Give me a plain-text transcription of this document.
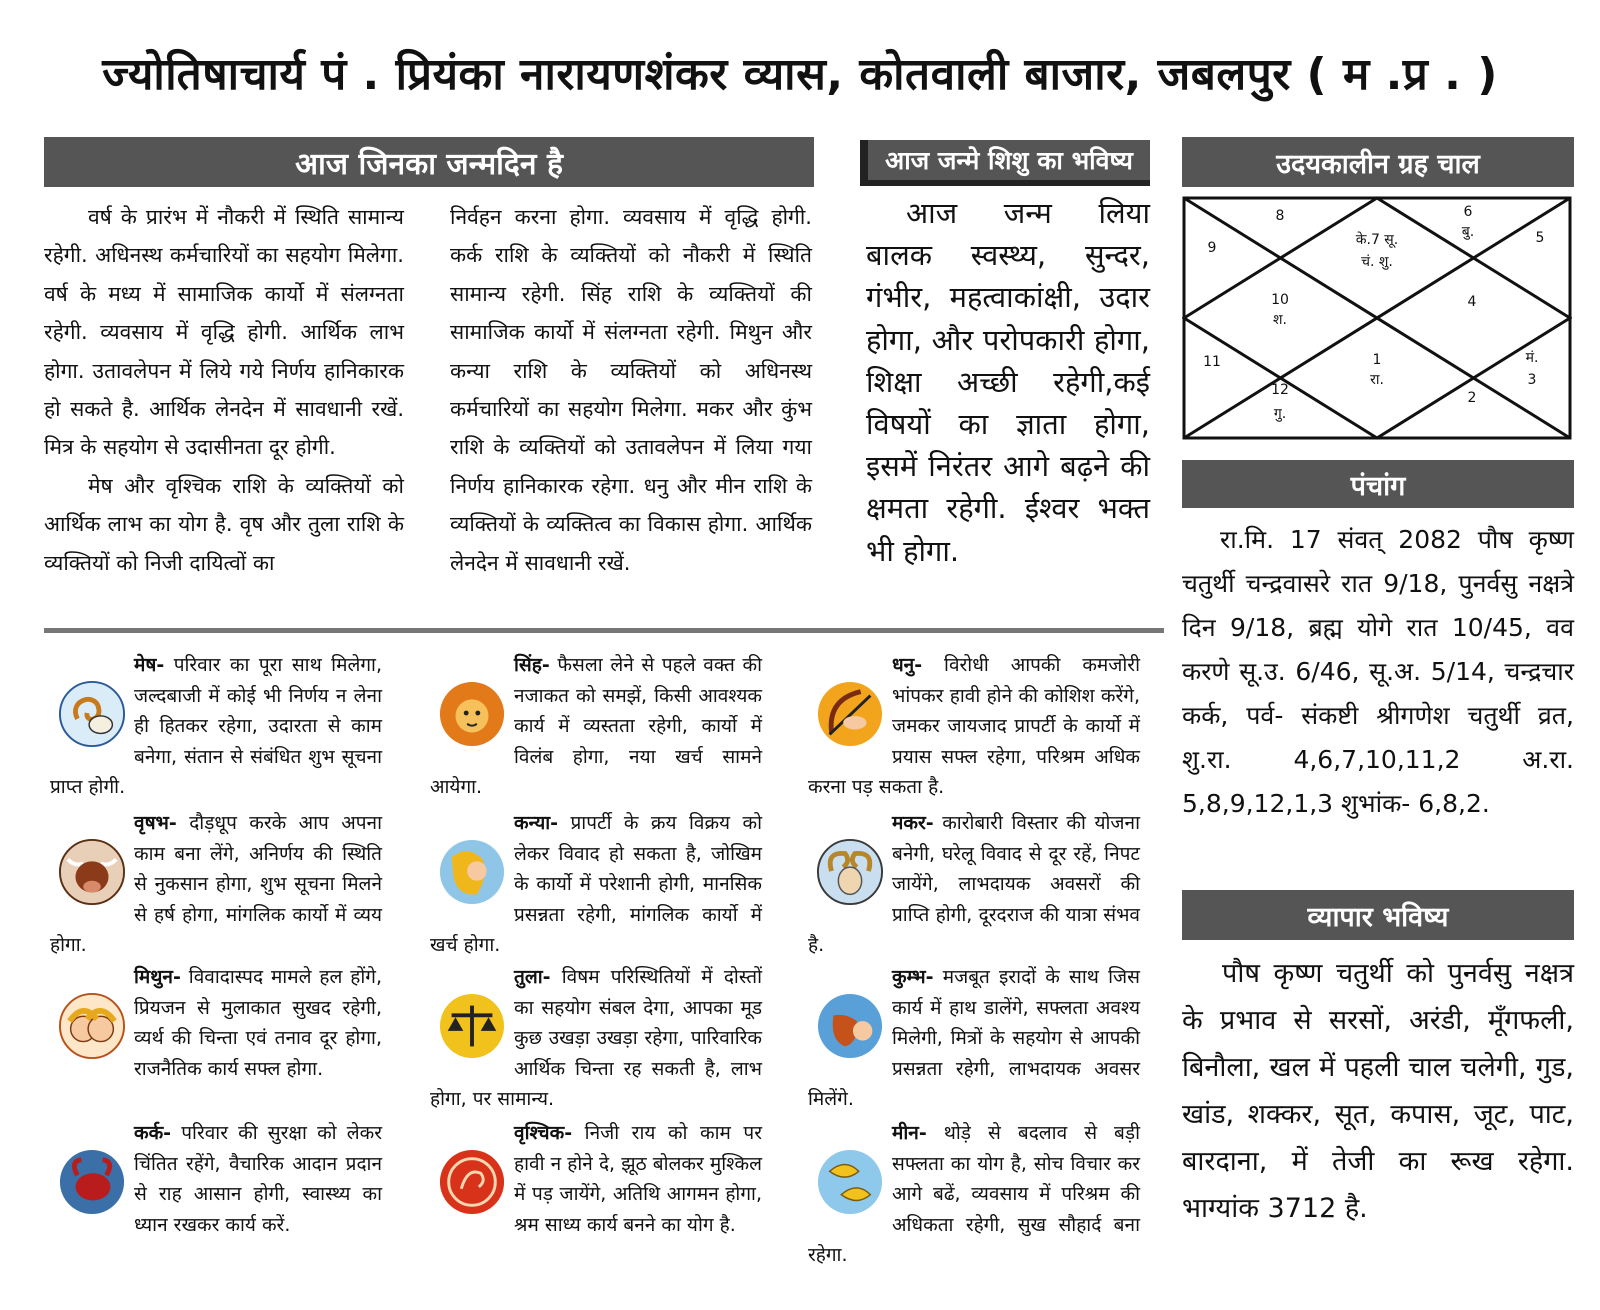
ज्योतिषाचार्य पं . प्रियंका नारायणशंकर व्यास, कोतवाली बाजार, जबलपुर ( म .प्र . )
आज जिनका जन्मदिन है

वर्ष के प्रारंभ में नौकरी में स्थिति सामान्य रहेगी. अधिनस्थ कर्मचारियों का सहयोग मिलेगा. वर्ष के मध्य में सामाजिक कार्यो में संलग्नता रहेगी. व्यवसाय में वृद्धि होगी. आर्थिक लाभ होगा. उतावलेपन में लिये गये निर्णय हानिकारक हो सकते है. आर्थिक लेनदेन में सावधानी रखें. मित्र के सहयोग से उदासीनता दूर होगी.

मेष और वृश्चिक राशि के व्यक्तियों को आर्थिक लाभ का योग है. वृष और तुला राशि के व्यक्तियों को निजी दायित्वों का

निर्वहन करना होगा. व्यवसाय में वृद्धि होगी. कर्क राशि के व्यक्तियों को नौकरी में स्थिति सामान्य रहेगी. सिंह राशि के व्यक्तियों की सामाजिक कार्यो में संलग्नता रहेगी. मिथुन और कन्या राशि के व्यक्तियों को अधिनस्थ कर्मचारियों का सहयोग मिलेगा. मकर और कुंभ राशि के व्यक्तियों को उतावलेपन में लिया गया निर्णय हानिकारक रहेगा. धनु और मीन राशि के व्यक्तियों के व्यक्तित्व का विकास होगा. आर्थिक लेनदेन में सावधानी रखें.

आज जन्मे शिशु का भविष्य

आज जन्म लिया बालक स्वस्थ्य, सुन्दर, गंभीर, महत्वाकांक्षी, उदार होगा, और परोपकारी होगा, शिक्षा अच्छी रहेगी,कई विषयों का ज्ञाता होगा, इसमें निरंतर आगे बढ़ने की क्षमता रहेगी. ईश्वर भक्त भी होगा.

उदयकालीन ग्रह चाल
के.7 सू.
चं. शु.
8
9
10
श.
11
12
गु.
1
रा.
2
मं.
3
4
5
6
बु.
पंचांग

रा.मि. 17 संवत् 2082 पौष कृष्ण चतुर्थी चन्द्रवासरे रात 9/18, पुनर्वसु नक्षत्रे दिन 9/18, ब्रह्म योगे रात 10/45, वव करणे सू.उ. 6/46, सू.अ. 5/14, चन्द्रचार कर्क, पर्व- संकष्टी श्रीगणेश चतुर्थी व्रत, शु.रा. 4,6,7,10,11,2 अ.रा. 5,8,9,12,1,3 शुभांक- 6,8,2.

व्यापार भविष्य

पौष कृष्ण चतुर्थी को पुनर्वसु नक्षत्र के प्रभाव से सरसों, अरंडी, मूँगफली, बिनौला, खल में पहली चाल चलेगी, गुड, खांड, शक्कर, सूत, कपास, जूट, पाट, बारदाना, में तेजी का रूख रहेगा. भाग्यांक 3712 है.

मेष- परिवार का पूरा साथ मिलेगा, जल्दबाजी में कोई भी निर्णय न लेना ही हितकर रहेगा, उदारता से काम बनेगा, संतान से संबंधित शुभ सूचना प्राप्त होगी.
वृषभ- दौड़धूप करके आप अपना काम बना लेंगे, अनिर्णय की स्थिति से नुकसान होगा, शुभ सूचना मिलने से हर्ष होगा, मांगलिक कार्यो में व्यय होगा.
मिथुन- विवादास्पद मामले हल होंगे, प्रियजन से मुलाकात सुखद रहेगी, व्यर्थ की चिन्ता एवं तनाव दूर होगा, राजनैतिक कार्य सफ्ल होगा.
कर्क- परिवार की सुरक्षा को लेकर चिंतित रहेंगे, वैचारिक आदान प्रदान से राह आसान होगी, स्वास्थ्य का ध्यान रखकर कार्य करें.
सिंह- फैसला लेने से पहले वक्त की नजाकत को समझें, किसी आवश्यक कार्य में व्यस्तता रहेगी, कार्यो में विलंब होगा, नया खर्च सामने आयेगा.
कन्या- प्रापर्टी के क्रय विक्रय को लेकर विवाद हो सकता है, जोखिम के कार्यो में परेशानी होगी, मानसिक प्रसन्नता रहेगी, मांगलिक कार्यो में खर्च होगा.
तुला- विषम परिस्थितियों में दोस्तों का सहयोग संबल देगा, आपका मूड कुछ उखड़ा उखड़ा रहेगा, पारिवारिक आर्थिक चिन्ता रह सकती है, लाभ होगा, पर सामान्य.
वृश्चिक- निजी राय को काम पर हावी न होने दे, झूठ बोलकर मुश्किल में पड़ जायेंगे, अतिथि आगमन होगा, श्रम साध्य कार्य बनने का योग है.
धनु- विरोधी आपकी कमजोरी भांपकर हावी होने की कोशिश करेंगे, जमकर जायजाद प्रापर्टी के कार्यो में प्रयास सफ्ल रहेगा, परिश्रम अधिक करना पड़ सकता है.
मकर- कारोबारी विस्तार की योजना बनेगी, घरेलू विवाद से दूर रहें, निपट जायेंगे, लाभदायक अवसरों की प्राप्ति होगी, दूरदराज की यात्रा संभव है.
कुम्भ- मजबूत इरादों के साथ जिस कार्य में हाथ डालेंगे, सफ्लता अवश्य मिलेगी, मित्रों के सहयोग से आपकी प्रसन्नता रहेगी, लाभदायक अवसर मिलेंगे.
मीन- थोड़े से बदलाव से बड़ी सफ्लता का योग है, सोच विचार कर आगे बढें, व्यवसाय में परिश्रम की अधिकता रहेगी, सुख सौहार्द बना रहेगा.
